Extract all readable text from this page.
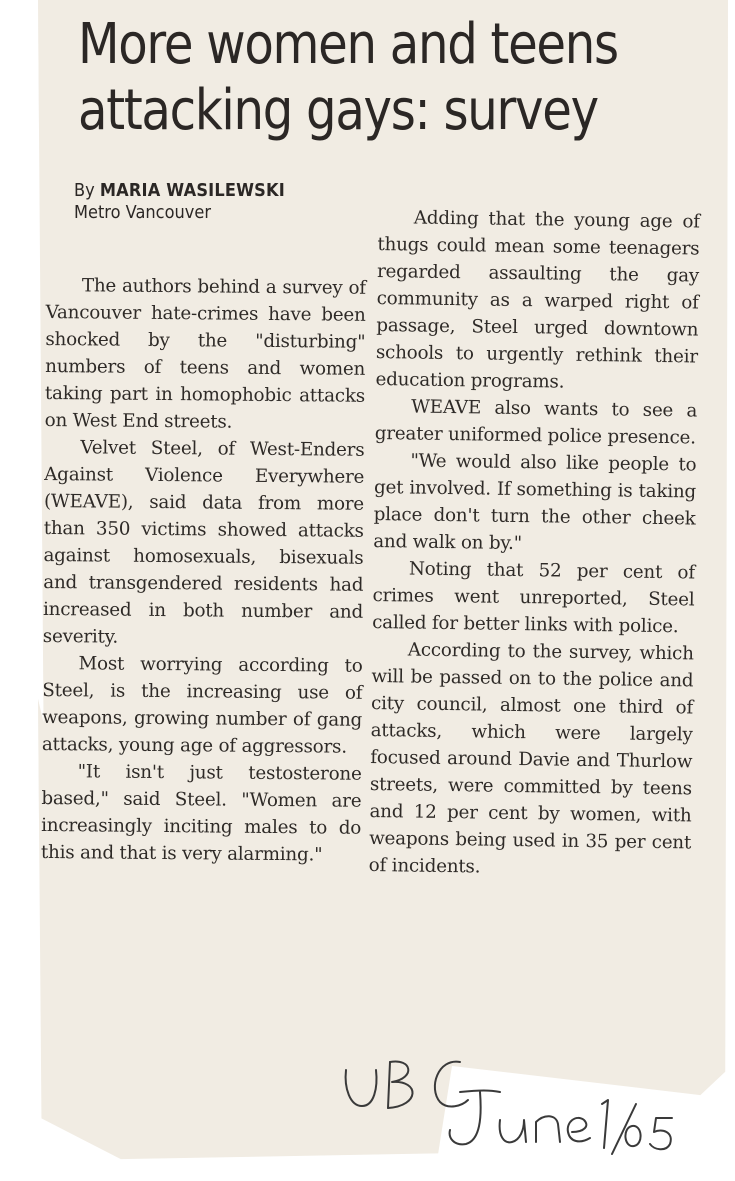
More women and teens
attacking gays: survey
By MARIA WASILEWSKI
Metro Vancouver

The authors behind a survey of Vancouver hate-crimes have been shocked by the "disturbing" numbers of teens and women taking part in homophobic attacks on West End streets.

Velvet Steel, of West-Enders Against Violence Everywhere (WEAVE), said data from more than 350 victims showed attacks against homosexuals, bisexuals and transgendered residents had increased in both number and severity.

Most worrying according to Steel, is the increasing use of weapons, growing number of gang attacks, young age of aggressors.

"It isn't just testosterone based," said Steel. "Women are increasingly inciting males to do this and that is very alarming."

Adding that the young age of thugs could mean some teenagers regarded assaulting the gay community as a warped right of passage, Steel urged downtown schools to urgently rethink their education programs.

WEAVE also wants to see a greater uniformed police presence.

"We would also like people to get involved. If something is taking place don't turn the other cheek and walk on by."

Noting that 52 per cent of crimes went unreported, Steel called for better links with police.

According to the survey, which will be passed on to the police and city council, almost one third of attacks, which were largely focused around Davie and Thurlow streets, were committed by teens and 12 per cent by women, with weapons being used in 35 per cent of incidents.
